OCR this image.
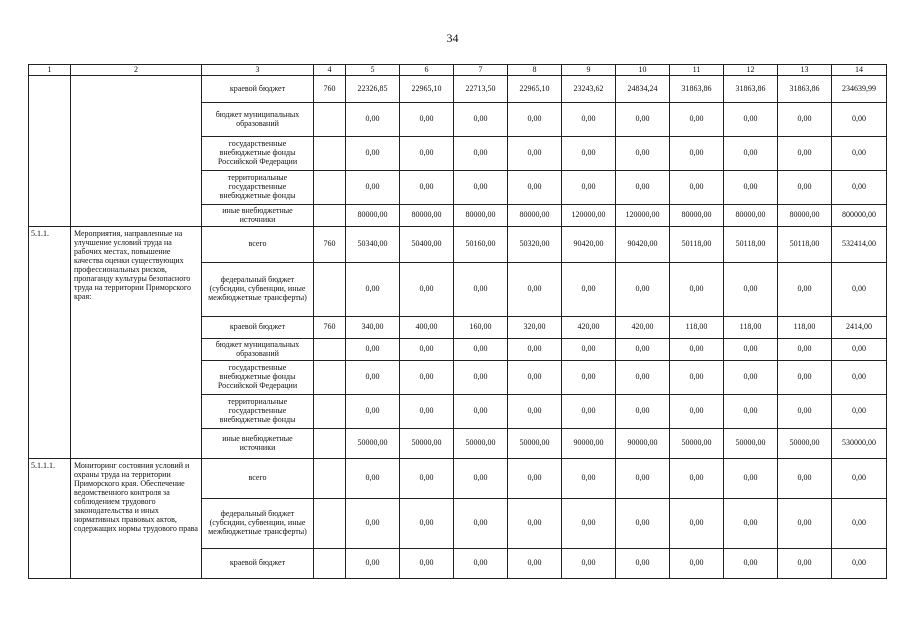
34
1	2	3	4	5	6	7	8	9	10	11	12	13	14
		краевой бюджет	760	22326,85	22965,10	22713,50	22965,10	23243,62	24834,24	31863,86	31863,86	31863,86	234639,99
		бюджет муниципальных образований		0,00	0,00	0,00	0,00	0,00	0,00	0,00	0,00	0,00	0,00
		государственные внебюджетные фонды Российской Федерации		0,00	0,00	0,00	0,00	0,00	0,00	0,00	0,00	0,00	0,00
		территориальные государственные внебюджетные фонды		0,00	0,00	0,00	0,00	0,00	0,00	0,00	0,00	0,00	0,00
		иные внебюджетные источники		80000,00	80000,00	80000,00	80000,00	120000,00	120000,00	80000,00	80000,00	80000,00	800000,00
5.1.1.	Мероприятия, направленные на улучшение условий труда на рабочих местах, повышение качества оценки существующих профессиональных рисков, пропаганду культуры безопасного труда на территории Приморского края:	всего	760	50340,00	50400,00	50160,00	50320,00	90420,00	90420,00	50118,00	50118,00	50118,00	532414,00
		федеральный бюджет (субсидии, субвенции, иные межбюджетные трансферты)		0,00	0,00	0,00	0,00	0,00	0,00	0,00	0,00	0,00	0,00
		краевой бюджет	760	340,00	400,00	160,00	320,00	420,00	420,00	118,00	118,00	118,00	2414,00
		бюджет муниципальных образований		0,00	0,00	0,00	0,00	0,00	0,00	0,00	0,00	0,00	0,00
		государственные внебюджетные фонды Российской Федерации		0,00	0,00	0,00	0,00	0,00	0,00	0,00	0,00	0,00	0,00
		территориальные государственные внебюджетные фонды		0,00	0,00	0,00	0,00	0,00	0,00	0,00	0,00	0,00	0,00
		иные внебюджетные источники		50000,00	50000,00	50000,00	50000,00	90000,00	90000,00	50000,00	50000,00	50000,00	530000,00
5.1.1.1.	Мониторинг состояния условий и охраны труда на территории Приморского края. Обеспечение ведомственного контроля за соблюдением трудового законодательства и иных нормативных правовых актов, содержащих нормы трудового права	всего		0,00	0,00	0,00	0,00	0,00	0,00	0,00	0,00	0,00	0,00
		федеральный бюджет (субсидии, субвенции, иные межбюджетные трансферты)		0,00	0,00	0,00	0,00	0,00	0,00	0,00	0,00	0,00	0,00
		краевой бюджет		0,00	0,00	0,00	0,00	0,00	0,00	0,00	0,00	0,00	0,00
